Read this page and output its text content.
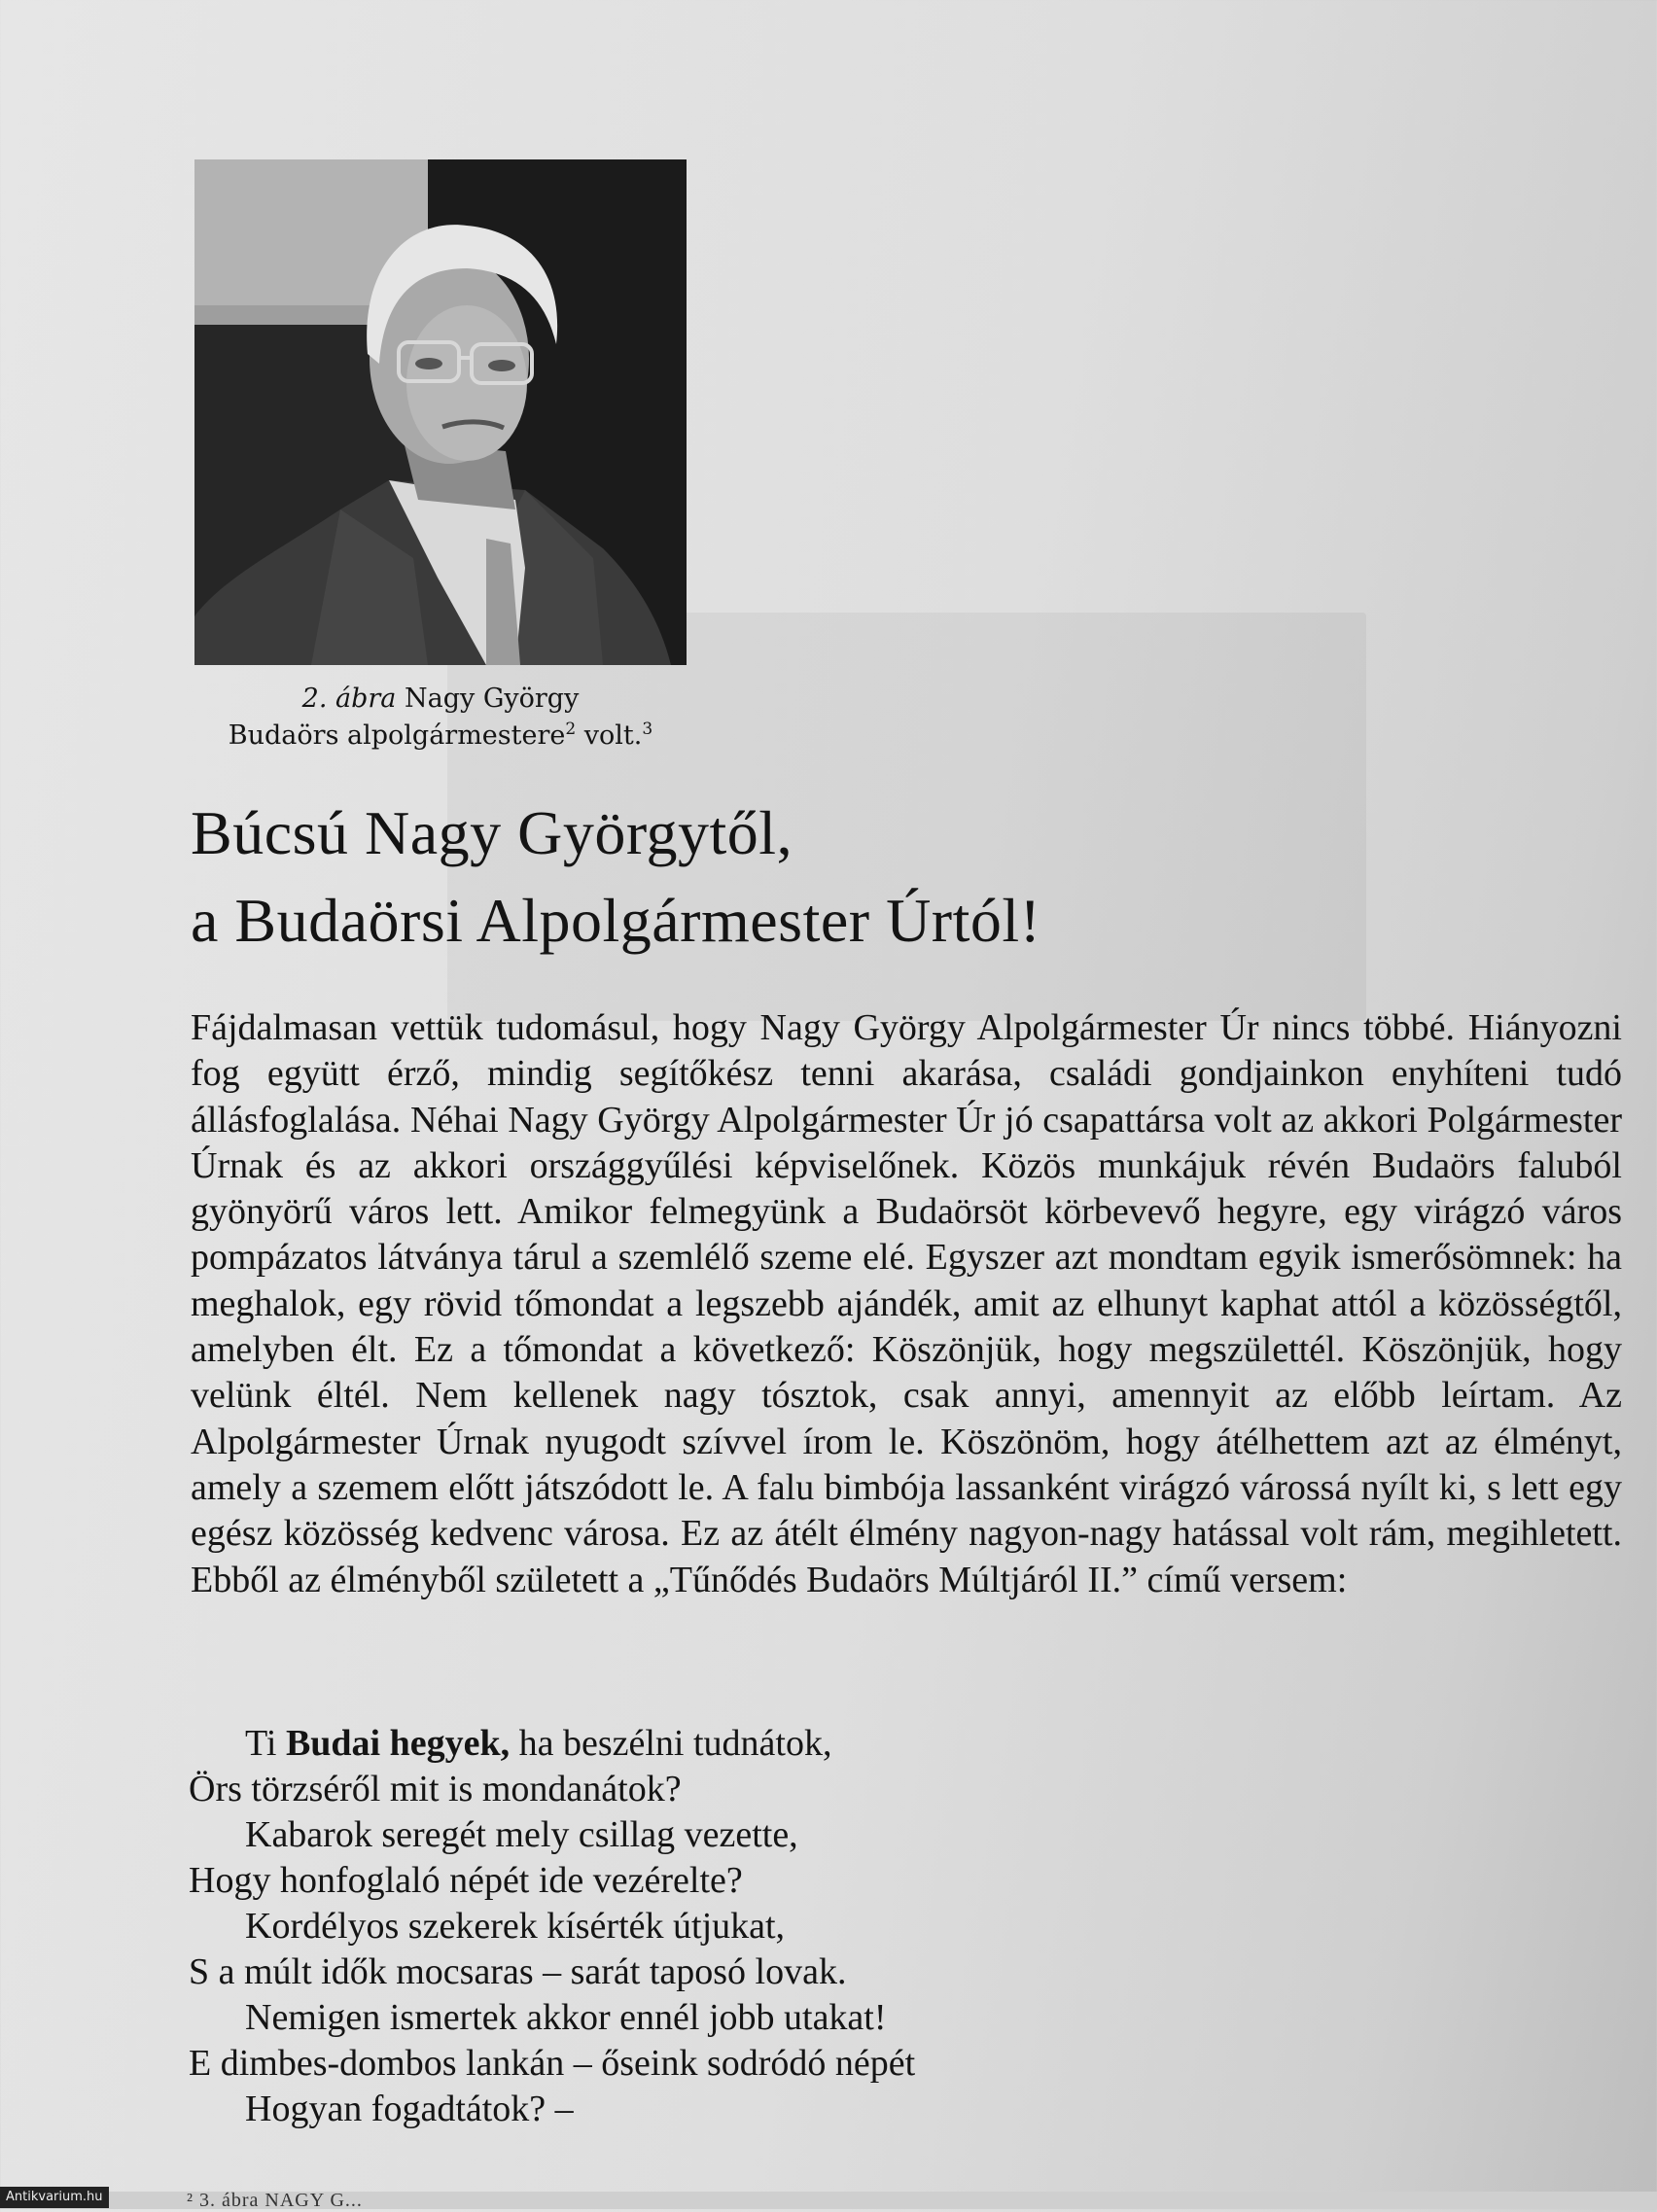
2. ábra Nagy György
Budaörs alpolgármestere$^2$ volt.$^3$
Búcsú Nagy Györgytől,
a Budaörsi Alpolgármester Úrtól!

Fájdalmasan vettük tudomásul, hogy Nagy György Alpolgármester Úr nincs többé. Hiányozni fog együtt érző, mindig segítőkész tenni akarása, családi gondjainkon enyhíteni tudó állásfoglalása. Néhai Nagy György Alpolgármester Úr jó csapattársa volt az akkori Polgármester Úrnak és az akkori országgyűlési képviselőnek. Közös munkájuk révén Budaörs faluból gyönyörű város lett. Amikor felmegyünk a Budaörsöt körbevevő hegyre, egy virágzó város pompázatos látványa tárul a szemlélő szeme elé. Egyszer azt mondtam egyik ismerősömnek: ha meghalok, egy rövid tőmondat a legszebb ajándék, amit az elhunyt kaphat attól a közösségtől, amelyben élt. Ez a tőmondat a következő: Köszönjük, hogy megszülettél. Köszönjük, hogy velünk éltél. Nem kellenek nagy tósztok, csak annyi, amennyit az előbb leírtam. Az Alpolgármester Úrnak nyugodt szívvel írom le. Köszönöm, hogy átélhettem azt az élményt, amely a szemem előtt játszódott le. A falu bimbója lassanként virágzó várossá nyílt ki, s lett egy egész közösség kedvenc városa. Ez az átélt élmény nagyon-nagy hatással volt rám, megihletett. Ebből az élményből született a „Tűnődés Budaörs Múltjáról II.” című versem:

Ti Budai hegyek, ha beszélni tudnátok,
Örs törzséről mit is mondanátok?
Kabarok seregét mely csillag vezette,
Hogy honfoglaló népét ide vezérelte?
Kordélyos szekerek kísérték útjukat,
S a múlt idők mocsaras – sarát taposó lovak.
Nemigen ismertek akkor ennél jobb utakat!
E dimbes-dombos lankán – őseink sodródó népét
Hogyan fogadtátok? –
² 3. ábra NAGY G...
Antikvarium.hu
